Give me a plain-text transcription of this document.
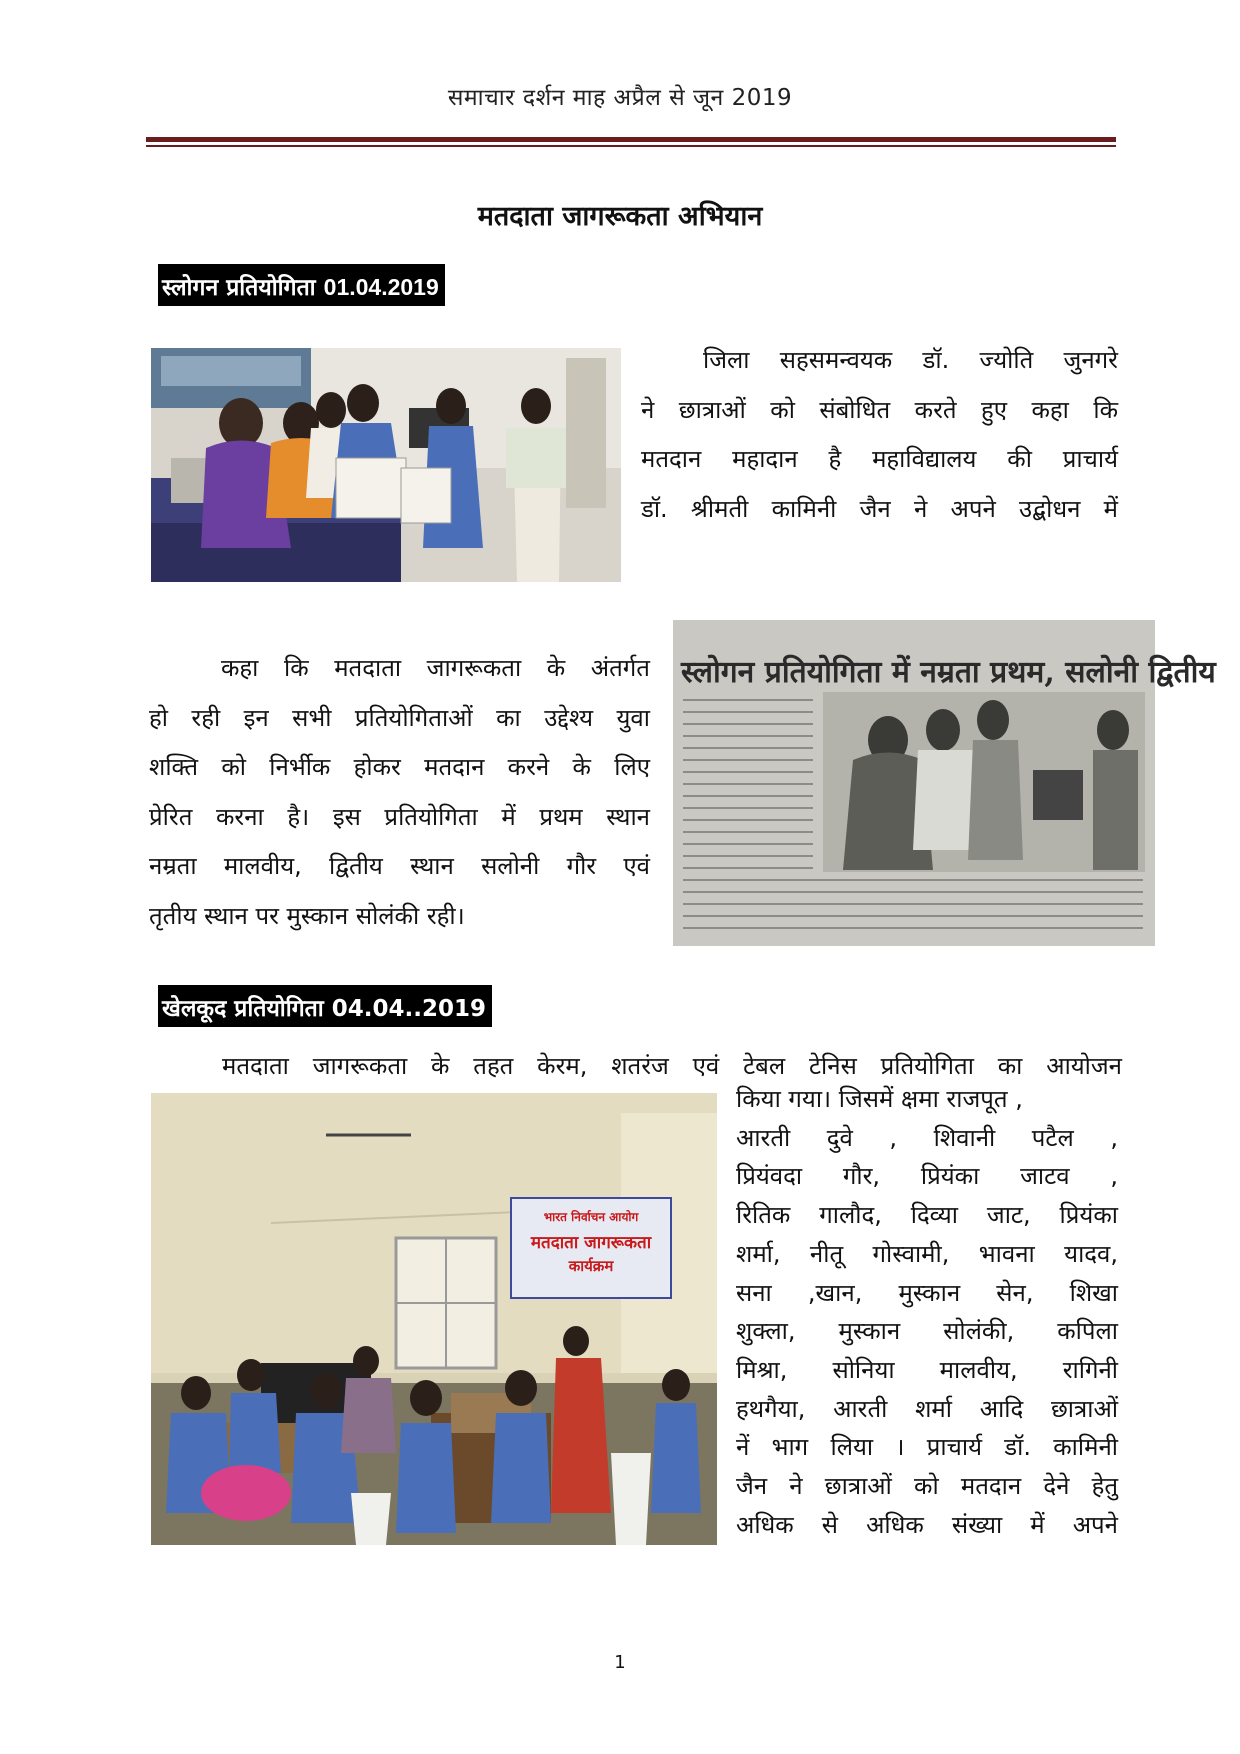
समाचार दर्शन माह अप्रैल से जून 2019
मतदाता जागरूकता अभियान
स्लोगन प्रतियोगिता 01.04.2019
जिला सहसमन्वयक डॉ. ज्योति जुनगरे
ने छात्राओं को संबोधित करते हुए कहा कि
मतदान महादान है महाविद्यालय की प्राचार्य
डॉ. श्रीमती कामिनी जैन ने अपने उद्बोधन में
कहा कि मतदाता जागरूकता के अंतर्गत
हो रही इन सभी प्रतियोगिताओं का उद्देश्य युवा
शक्ति को निर्भीक होकर मतदान करने के लिए
प्रेरित करना है। इस प्रतियोगिता में प्रथम स्थान
नम्रता मालवीय, द्वितीय स्थान सलोनी गौर एवं
तृतीय स्थान पर मुस्कान सोलंकी रही।
स्लोगन प्रतियोगिता में नम्रता प्रथम, सलोनी द्वितीय
खेलकूद प्रतियोगिता 04.04..2019
मतदाता जागरूकता के तहत केरम, शतरंज एवं टेबल टेनिस प्रतियोगिता का आयोजन
भारत निर्वाचन आयोग
मतदाता जागरूकता
कार्यक्रम
किया गया। जिसमें क्षमा राजपूत ,
आरती दुवे , शिवानी पटैल ,
प्रियंवदा गौर, प्रियंका जाटव ,
रितिक गालौद, दिव्या जाट, प्रियंका
शर्मा, नीतू गोस्वामी, भावना यादव,
सना ,खान, मुस्कान सेन, शिखा
शुक्ला, मुस्कान सोलंकी, कपिला
मिश्रा, सोनिया मालवीय, रागिनी
हथगैया, आरती शर्मा आदि छात्राओं
नें भाग लिया । प्राचार्य डॉ. कामिनी
जैन ने छात्राओं को मतदान देने हेतु
अधिक से अधिक संख्या में अपने
1
